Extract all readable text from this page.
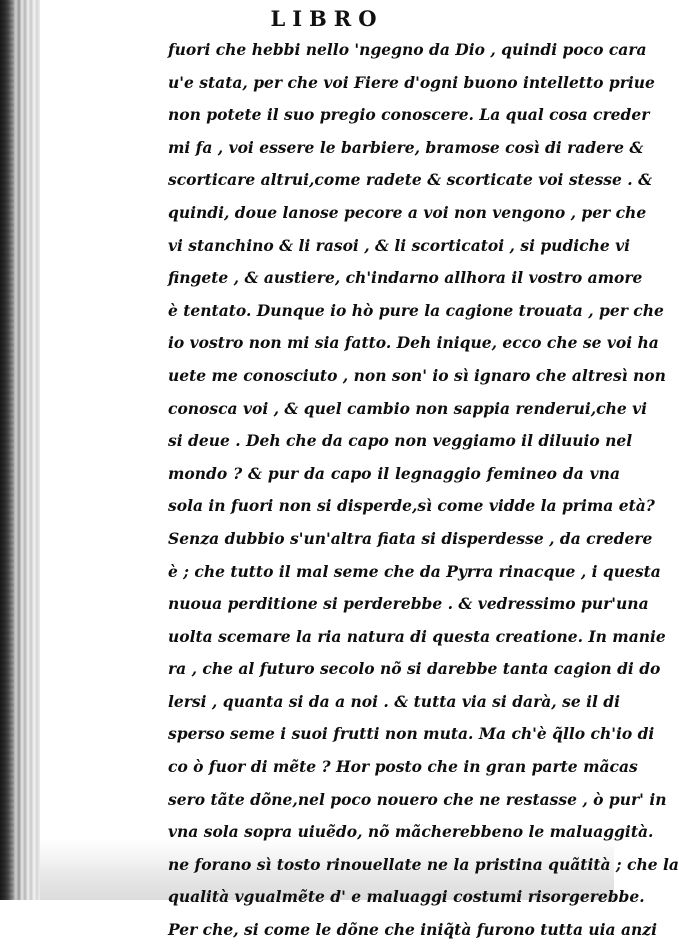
LIBRO
fuori che hebbi nello 'ngegno da Dio , quindi poco cara
u'e stata, per che voi Fiere d'ogni buono intelletto priue
non potete il suo pregio conoscere. La qual cosa creder
mi fa , voi essere le barbiere, bramose così di radere &
scorticare altrui,come radete & scorticate voi stesse . &
quindi, doue lanose pecore a voi non vengono , per che
vi stanchino & li rasoi , & li scorticatoi , si pudiche vi
fingete , & austiere, ch'indarno allhora il vostro amore
è tentato. Dunque io hò pure la cagione trouata , per che
io vostro non mi sia fatto. Deh inique, ecco che se voi ha
uete me conosciuto , non son' io sì ignaro che altresì non
conosca voi , & quel cambio non sappia renderui,che vi
si deue . Deh che da capo non veggiamo il diluuio nel
mondo ? & pur da capo il legnaggio femineo da vna
sola in fuori non si disperde,sì come vidde la prima età?
Senza dubbio s'un'altra fiata si disperdesse , da credere
è ; che tutto il mal seme che da Pyrra rinacque , i questa
nuoua perditione si perderebbe . & vedressimo pur'una
uolta scemare la ria natura di questa creatione. In manie
ra , che al futuro secolo nõ si darebbe tanta cagion di do
lersi , quanta si da a noi . & tutta via si darà, se il di
sperso seme i suoi frutti non muta. Ma ch'è q̃llo ch'io di
co ò fuor di mẽte ? Hor posto che in gran parte mãcas
sero tãte dõne,nel poco nouero che ne restasse , ò pur' in
vna sola sopra uiuẽdo, nõ mãcherebbeno le maluaggità.
ne forano sì tosto rinouellate ne la pristina quãtità ; che la
qualità vgualmẽte d' e maluaggi costumi risorgerebbe.
Per che, si come le dõne che iniq̃tà furono tutta uia anzi
